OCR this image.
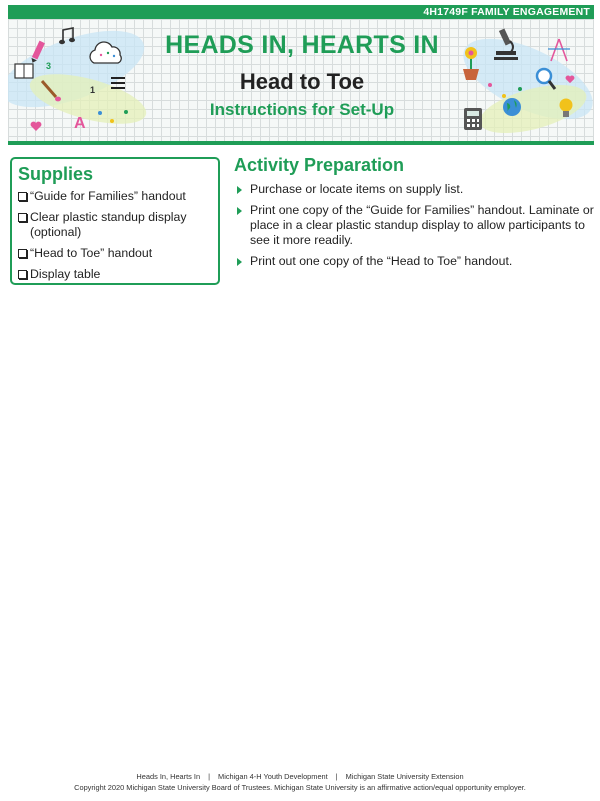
4H1749F FAMILY ENGAGEMENT
3
1
A
HEADS IN, HEARTS IN
Head to Toe
Instructions for Set-Up
Supplies
“Guide for Families” handout
Clear plastic standup display (optional)
“Head to Toe” handout
Display table
Activity Preparation
Purchase or locate items on supply list.
Print one copy of the “Guide for Families” handout. Laminate or place in a clear plastic standup display to allow participants to see it more readily.
Print out one copy of the “Head to Toe” handout.
Heads In, Hearts In | Michigan 4-H Youth Development | Michigan State University Extension
Copyright 2020 Michigan State University Board of Trustees. Michigan State University is an affirmative action/equal opportunity employer.
